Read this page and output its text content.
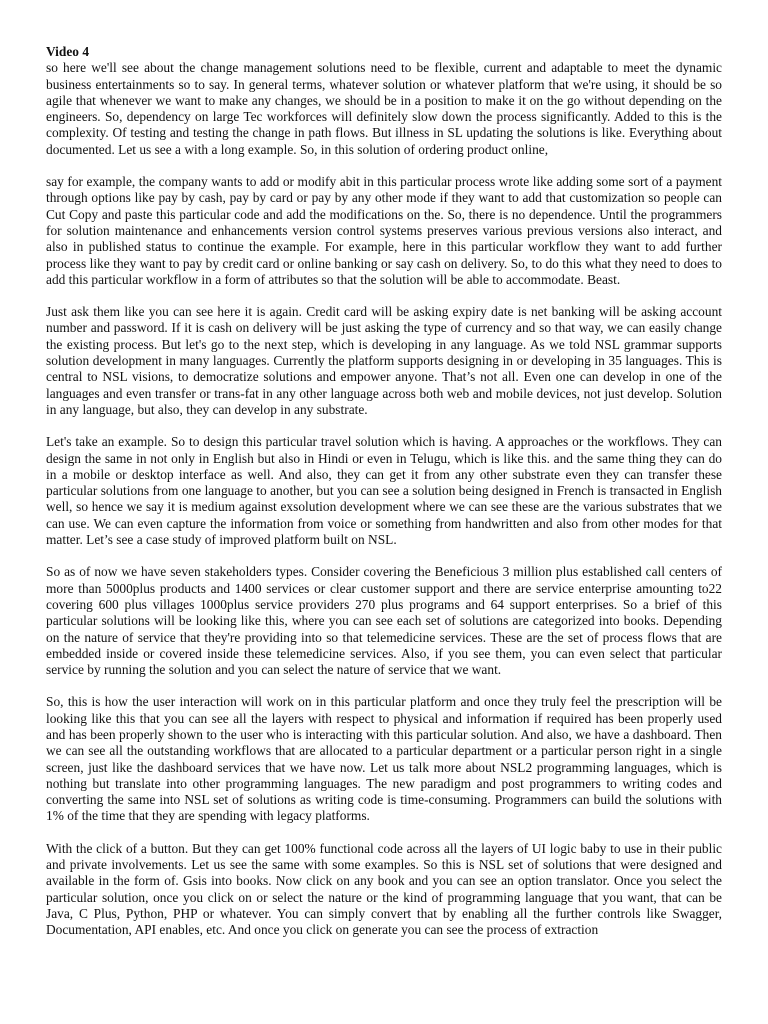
Video 4

so here we'll see about the change management solutions need to be flexible, current and adaptable to meet the dynamic business entertainments so to say. In general terms, whatever solution or whatever platform that we're using, it should be so agile that whenever we want to make any changes, we should be in a position to make it on the go without depending on the engineers. So, dependency on large Tec workforces will definitely slow down the process significantly. Added to this is the complexity. Of testing and testing the change in path flows. But illness in SL updating the solutions is like. Everything about documented. Let us see a with a long example. So, in this solution of ordering product online,

say for example, the company wants to add or modify abit in this particular process wrote like adding some sort of a payment through options like pay by cash, pay by card or pay by any other mode if they want to add that customization so people can Cut Copy and paste this particular code and add the modifications on the. So, there is no dependence. Until the programmers for solution maintenance and enhancements version control systems preserves various previous versions also interact, and also in published status to continue the example. For example, here in this particular workflow they want to add further process like they want to pay by credit card or online banking or say cash on delivery. So, to do this what they need to does to add this particular workflow in a form of attributes so that the solution will be able to accommodate. Beast.

Just ask them like you can see here it is again. Credit card will be asking expiry date is net banking will be asking account number and password. If it is cash on delivery will be just asking the type of currency and so that way, we can easily change the existing process. But let's go to the next step, which is developing in any language. As we told NSL grammar supports solution development in many languages. Currently the platform supports designing in or developing in 35 languages. This is central to NSL visions, to democratize solutions and empower anyone. That’s not all. Even one can develop in one of the languages and even transfer or trans-fat in any other language across both web and mobile devices, not just develop. Solution in any language, but also, they can develop in any substrate.

Let's take an example. So to design this particular travel solution which is having. A approaches or the workflows. They can design the same in not only in English but also in Hindi or even in Telugu, which is like this. and the same thing they can do in a mobile or desktop interface as well. And also, they can get it from any other substrate even they can transfer these particular solutions from one language to another, but you can see a solution being designed in French is transacted in English well, so hence we say it is medium against exsolution development where we can see these are the various substrates that we can use. We can even capture the information from voice or something from handwritten and also from other modes for that matter. Let’s see a case study of improved platform built on NSL.

So as of now we have seven stakeholders types. Consider covering the Beneficious 3 million plus established call centers of more than 5000plus products and 1400 services or clear customer support and there are service enterprise amounting to22 covering 600 plus villages 1000plus service providers 270 plus programs and 64 support enterprises. So a brief of this particular solutions will be looking like this, where you can see each set of solutions are categorized into books. Depending on the nature of service that they're providing into so that telemedicine services. These are the set of process flows that are embedded inside or covered inside these telemedicine services. Also, if you see them, you can even select that particular service by running the solution and you can select the nature of service that we want.

So, this is how the user interaction will work on in this particular platform and once they truly feel the prescription will be looking like this that you can see all the layers with respect to physical and information if required has been properly used and has been properly shown to the user who is interacting with this particular solution. And also, we have a dashboard. Then we can see all the outstanding workflows that are allocated to a particular department or a particular person right in a single screen, just like the dashboard services that we have now. Let us talk more about NSL2 programming languages, which is nothing but translate into other programming languages. The new paradigm and post programmers to writing codes and converting the same into NSL set of solutions as writing code is time-consuming. Programmers can build the solutions with 1% of the time that they are spending with legacy platforms.

With the click of a button. But they can get 100% functional code across all the layers of UI logic baby to use in their public and private involvements. Let us see the same with some examples. So this is NSL set of solutions that were designed and available in the form of. Gsis into books. Now click on any book and you can see an option translator. Once you select the particular solution, once you click on or select the nature or the kind of programming language that you want, that can be Java, C Plus, Python, PHP or whatever. You can simply convert that by enabling all the further controls like Swagger, Documentation, API enables, etc. And once you click on generate you can see the process of extraction
